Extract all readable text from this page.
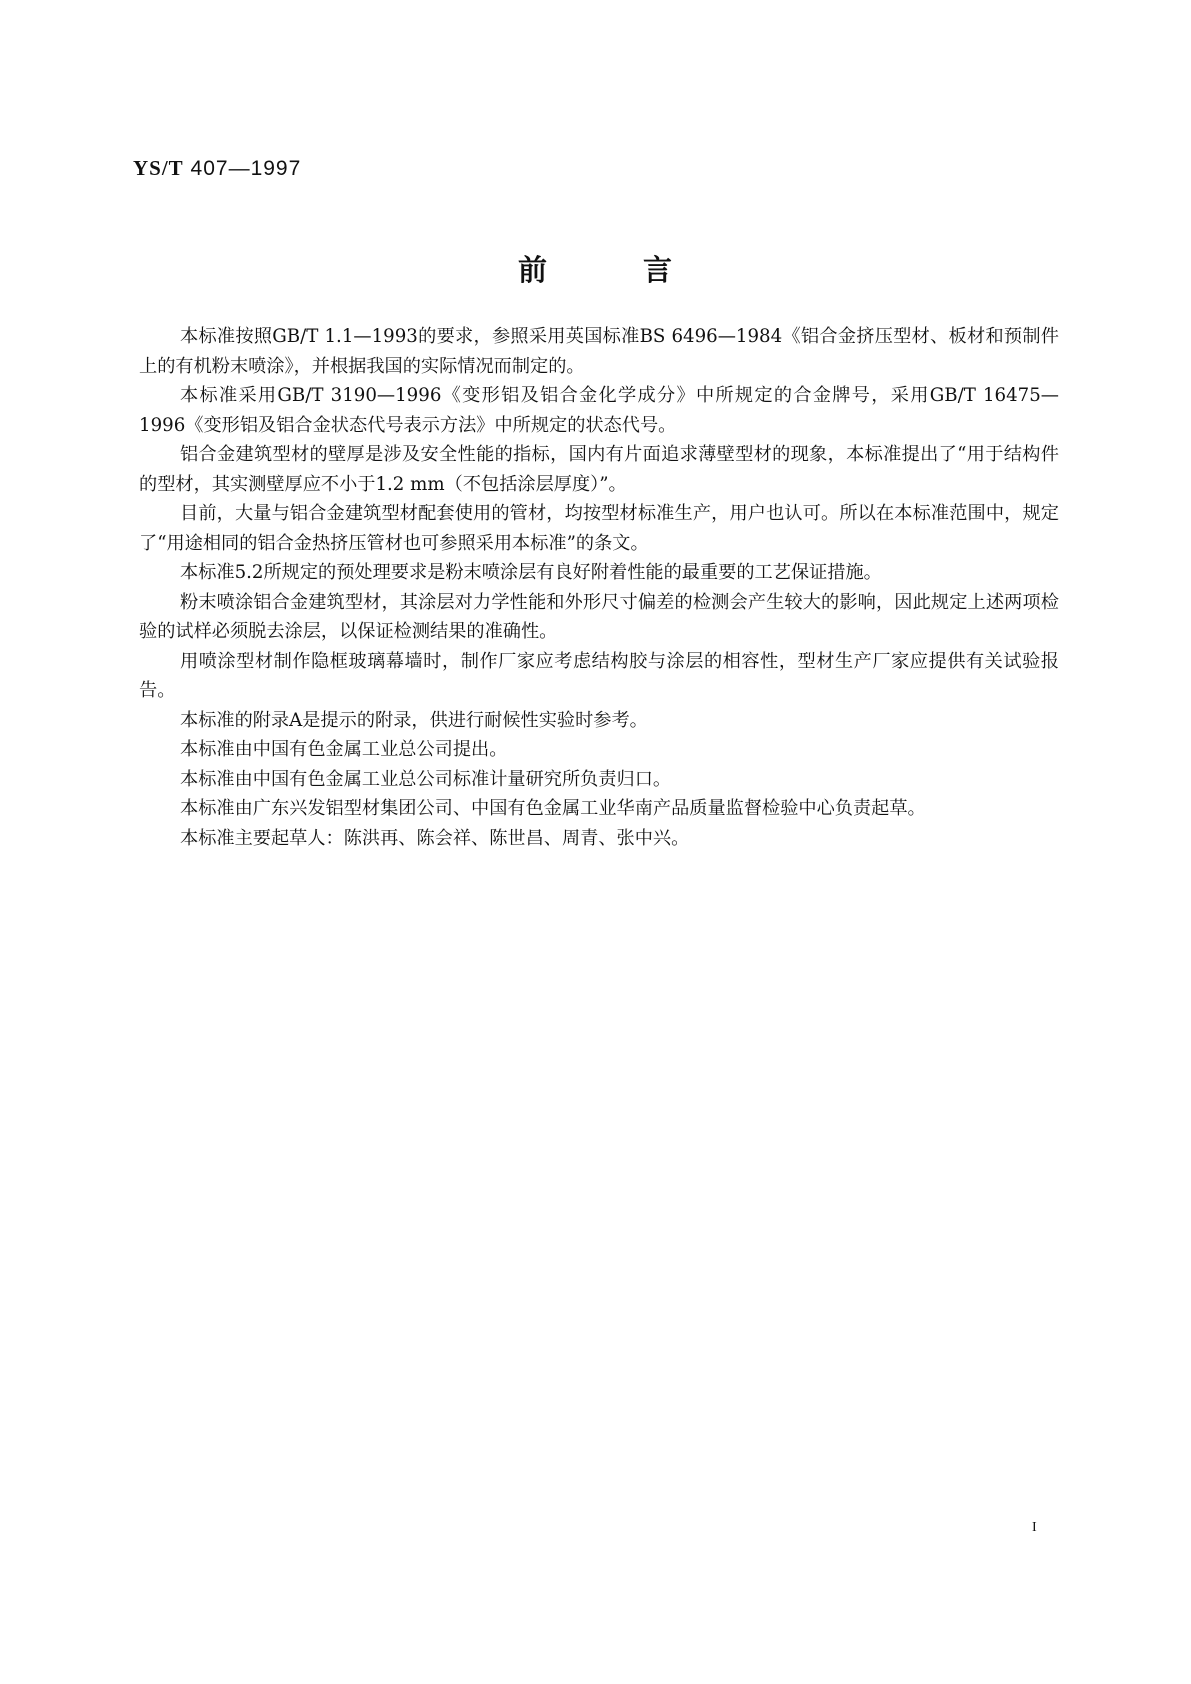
YS/T 407—1997
前	言

本标准按照GB/T 1.1—1993的要求，参照采用英国标准BS 6496—1984《铝合金挤压型材、板材和预制件上的有机粉末喷涂》，并根据我国的实际情况而制定的。

本标准采用GB/T 3190—1996《变形铝及铝合金化学成分》中所规定的合金牌号，采用GB/T 16475—1996《变形铝及铝合金状态代号表示方法》中所规定的状态代号。

铝合金建筑型材的壁厚是涉及安全性能的指标，国内有片面追求薄壁型材的现象，本标准提出了“用于结构件的型材，其实测壁厚应不小于1.2 mm（不包括涂层厚度）”。

目前，大量与铝合金建筑型材配套使用的管材，均按型材标准生产，用户也认可。所以在本标准范围中，规定了“用途相同的铝合金热挤压管材也可参照采用本标准”的条文。

本标准5.2所规定的预处理要求是粉末喷涂层有良好附着性能的最重要的工艺保证措施。

粉末喷涂铝合金建筑型材，其涂层对力学性能和外形尺寸偏差的检测会产生较大的影响，因此规定上述两项检验的试样必须脱去涂层，以保证检测结果的准确性。

用喷涂型材制作隐框玻璃幕墙时，制作厂家应考虑结构胶与涂层的相容性，型材生产厂家应提供有关试验报告。

本标准的附录A是提示的附录，供进行耐候性实验时参考。

本标准由中国有色金属工业总公司提出。

本标准由中国有色金属工业总公司标准计量研究所负责归口。

本标准由广东兴发铝型材集团公司、中国有色金属工业华南产品质量监督检验中心负责起草。

本标准主要起草人：陈洪再、陈会祥、陈世昌、周青、张中兴。

I
